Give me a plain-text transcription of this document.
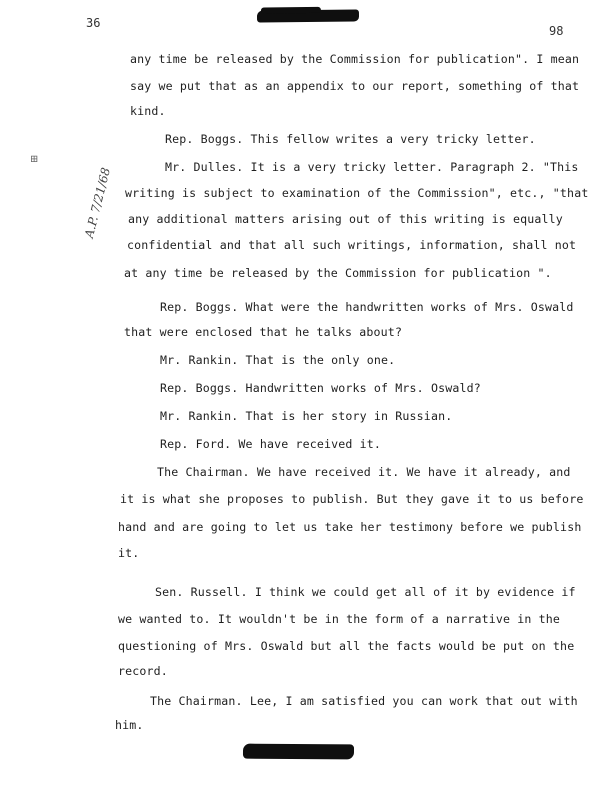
36
98
⊞
A.P. 7/21/68
any time be released by the Commission for publication". I mean
say we put that as an appendix to our report, something of that
kind.
Rep. Boggs. This fellow writes a very tricky letter.
Mr. Dulles. It is a very tricky letter. Paragraph 2. "This
writing is subject to examination of the Commission", etc., "that
any additional matters arising out of this writing is equally
confidential and that all such writings, information, shall not
at any time be released by the Commission for publication ".
Rep. Boggs. What were the handwritten works of Mrs. Oswald
that were enclosed that he talks about?
Mr. Rankin. That is the only one.
Rep. Boggs. Handwritten works of Mrs. Oswald?
Mr. Rankin. That is her story in Russian.
Rep. Ford. We have received it.
The Chairman. We have received it. We have it already, and
it is what she proposes to publish. But they gave it to us before
hand and are going to let us take her testimony before we publish
it.
Sen. Russell. I think we could get all of it by evidence if
we wanted to. It wouldn't be in the form of a narrative in the
questioning of Mrs. Oswald but all the facts would be put on the
record.
The Chairman. Lee, I am satisfied you can work that out with
him.
